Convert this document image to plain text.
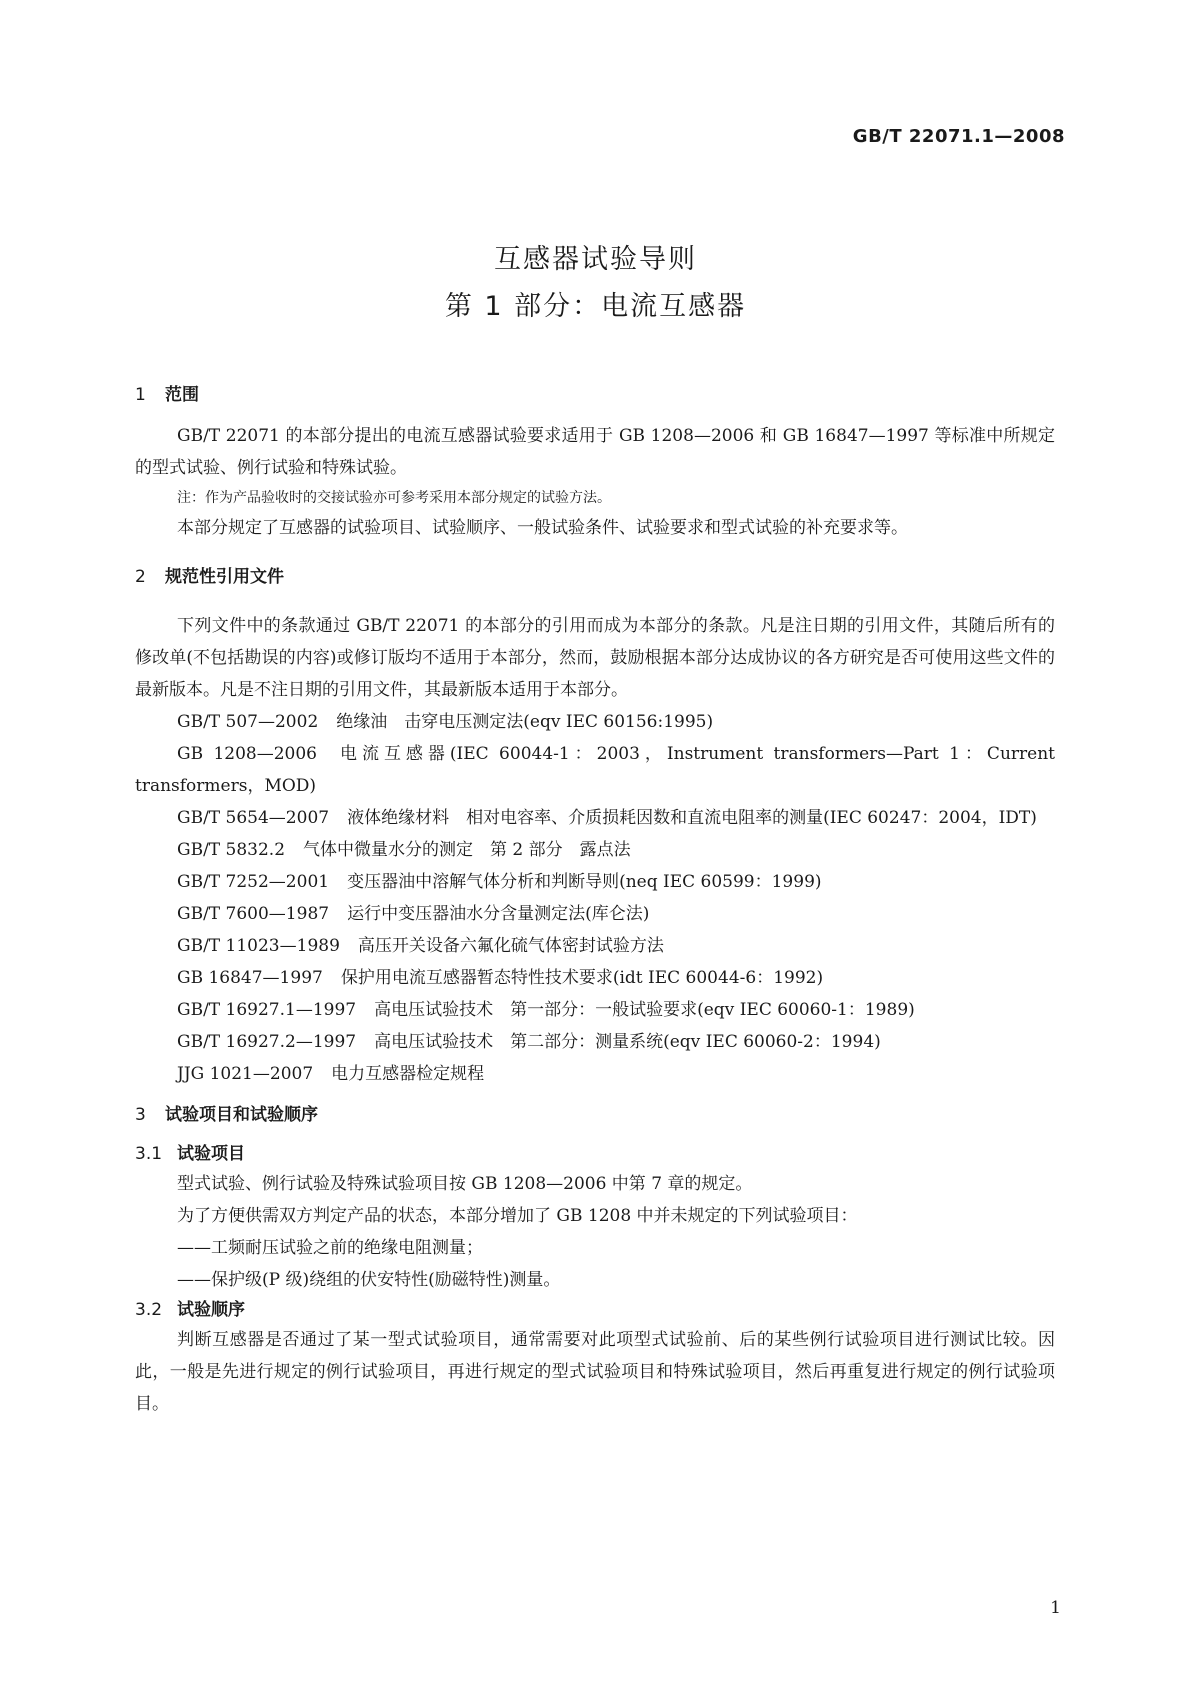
GB/T 22071.1—2008
互感器试验导则
第 1 部分：电流互感器
1 范围

GB/T 22071 的本部分提出的电流互感器试验要求适用于 GB 1208—2006 和 GB 16847—1997 等标准中所规定的型式试验、例行试验和特殊试验。

注：作为产品验收时的交接试验亦可参考采用本部分规定的试验方法。

本部分规定了互感器的试验项目、试验顺序、一般试验条件、试验要求和型式试验的补充要求等。

2 规范性引用文件

下列文件中的条款通过 GB/T 22071 的本部分的引用而成为本部分的条款。凡是注日期的引用文件，其随后所有的修改单(不包括勘误的内容)或修订版均不适用于本部分，然而，鼓励根据本部分达成协议的各方研究是否可使用这些文件的最新版本。凡是不注日期的引用文件，其最新版本适用于本部分。

GB/T 507—2002 绝缘油　击穿电压测定法(eqv IEC 60156:1995)

GB 1208—2006 电流互感器(IEC 60044-1：2003，Instrument transformers—Part 1：Current transformers，MOD)

GB/T 5654—2007 液体绝缘材料　相对电容率、介质损耗因数和直流电阻率的测量(IEC 60247：2004，IDT)

GB/T 5832.2 气体中微量水分的测定　第 2 部分　露点法

GB/T 7252—2001 变压器油中溶解气体分析和判断导则(neq IEC 60599：1999)

GB/T 7600—1987 运行中变压器油水分含量测定法(库仑法)

GB/T 11023—1989 高压开关设备六氟化硫气体密封试验方法

GB 16847—1997 保护用电流互感器暂态特性技术要求(idt IEC 60044-6：1992)

GB/T 16927.1—1997 高电压试验技术　第一部分：一般试验要求(eqv IEC 60060-1：1989)

GB/T 16927.2—1997 高电压试验技术　第二部分：测量系统(eqv IEC 60060-2：1994)

JJG 1021—2007 电力互感器检定规程

3 试验项目和试验顺序
3.1 试验项目

型式试验、例行试验及特殊试验项目按 GB 1208—2006 中第 7 章的规定。

为了方便供需双方判定产品的状态，本部分增加了 GB 1208 中并未规定的下列试验项目：

——工频耐压试验之前的绝缘电阻测量；

——保护级(P 级)绕组的伏安特性(励磁特性)测量。

3.2 试验顺序

判断互感器是否通过了某一型式试验项目，通常需要对此项型式试验前、后的某些例行试验项目进行测试比较。因此，一般是先进行规定的例行试验项目，再进行规定的型式试验项目和特殊试验项目，然后再重复进行规定的例行试验项目。

1
